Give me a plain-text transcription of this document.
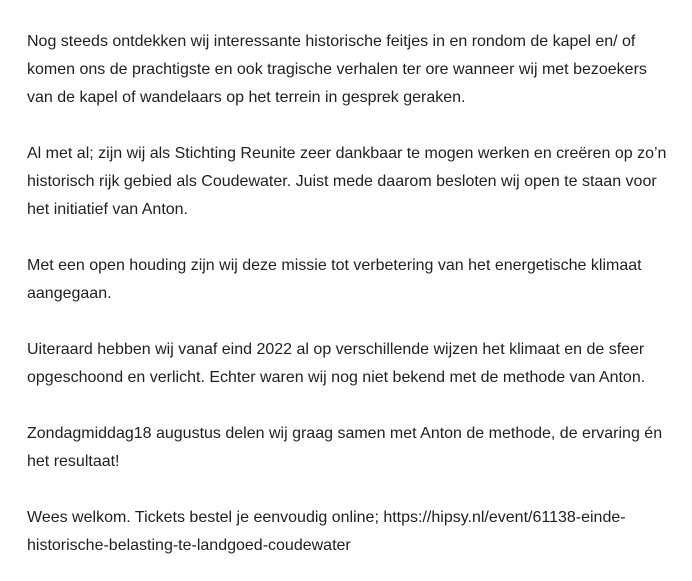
Nog steeds ontdekken wij interessante historische feitjes in en rondom de kapel en/ of komen ons de prachtigste en ook tragische verhalen ter ore wanneer wij met bezoekers van de kapel of wandelaars op het terrein in gesprek geraken.

Al met al; zijn wij als Stichting Reunite zeer dankbaar te mogen werken en creëren op zo’n historisch rijk gebied als Coudewater. Juist mede daarom besloten wij open te staan voor het initiatief van Anton.

Met een open houding zijn wij deze missie tot verbetering van het energetische klimaat aangegaan.

Uiteraard hebben wij vanaf eind 2022 al op verschillende wijzen het klimaat en de sfeer opgeschoond en verlicht. Echter waren wij nog niet bekend met de methode van Anton.

Zondagmiddag18 augustus delen wij graag samen met Anton de methode, de ervaring én het resultaat!

Wees welkom. Tickets bestel je eenvoudig online; https://hipsy.nl/event/61138-einde-historische-belasting-te-landgoed-coudewater
